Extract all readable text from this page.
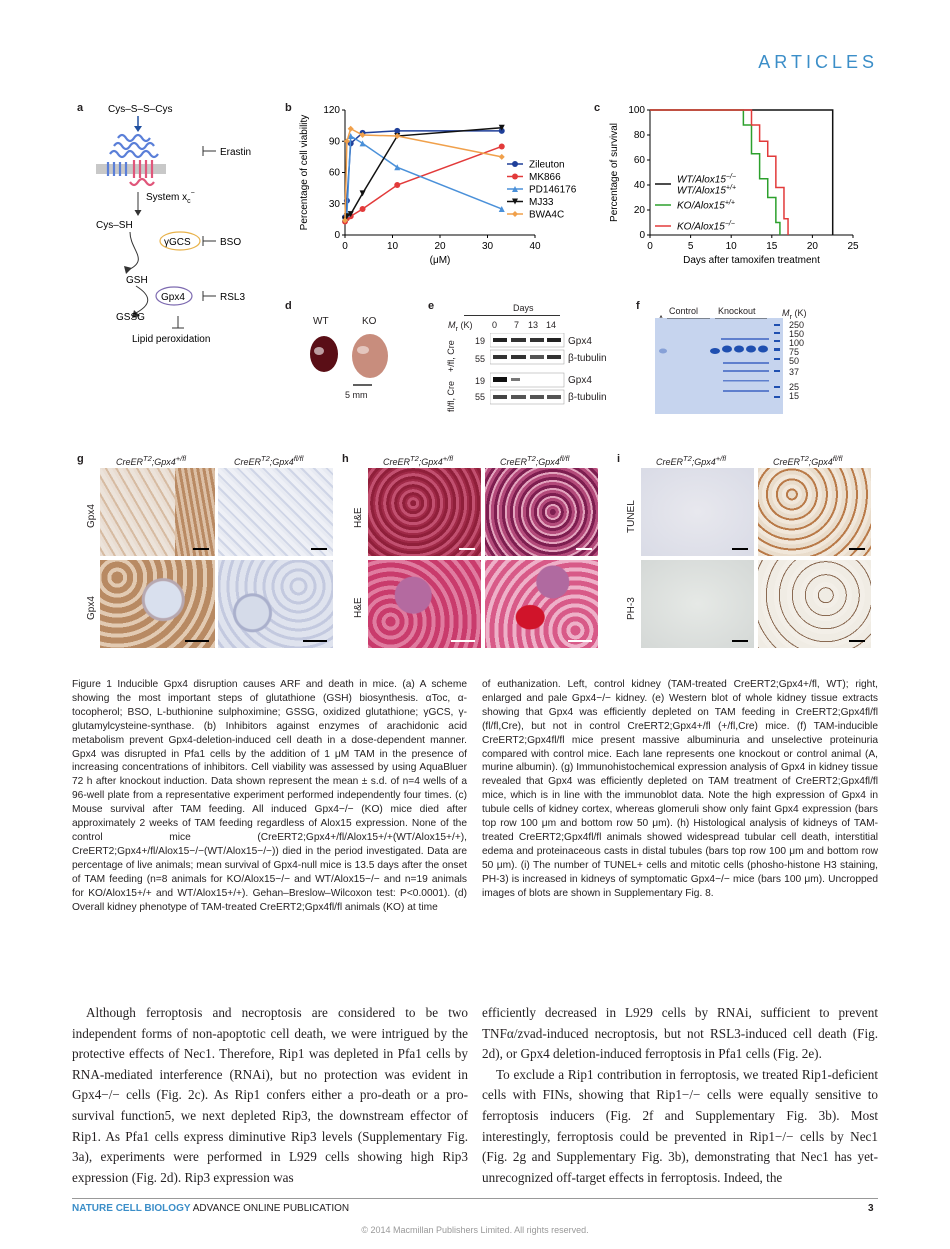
ARTICLES
a Cys–S–S–Cys
System $x_c^-$
Cys–SH
Erastin
γGCS	BSO
GSH
Gpx4	RSL3
GSSG
Lipid peroxidation
b
0
30
60
90
120
0	10	20	30	40
Percentage of cell viability
(μM)
Zileuton
MK866
PD146176
MJ33
BWA4C
c
0
20
40
60
80
100
0	5	10	15	20	25
Percentage of survival
Days after tamoxifen treatment
WT/Alox15−/−
WT/Alox15+/+
KO/Alox15+/+
KO/Alox15−/−
d
WT	KO
5 mm
e	Days
$M_r$ (K) 0 7 13 14
19
55
19
55
Gpx4
β-tubulin
Gpx4
β-tubulin
+/fl, Cre
fl/fl, Cre
f	Control Knockout	$M_r$ (K)
250
150
100
75
50
37
25
15
g	$CreER^{T2};Gpx4^{+/fl}$	$CreER^{T2};Gpx4^{fl/fl}$
Gpx4
Gpx4
h	$CreER^{T2};Gpx4^{+/fl}$	$CreER^{T2};Gpx4^{fl/fl}$
H&E
H&E
i	$CreER^{T2};Gpx4^{+/fl}$	$CreER^{T2};Gpx4^{fl/fl}$
TUNEL
PH-3
Figure 1 Inducible Gpx4 disruption causes ARF and death in mice. (a) A scheme showing the most important steps of glutathione (GSH) biosynthesis. αToc, α-tocopherol; BSO, L-buthionine sulphoximine; GSSG, oxidized glutathione; γGCS, γ-glutamylcysteine-synthase. (b) Inhibitors against enzymes of arachidonic acid metabolism prevent Gpx4-deletion-induced cell death in a dose-dependent manner. Gpx4 was disrupted in Pfa1 cells by the addition of 1 μM TAM in the presence of increasing concentrations of inhibitors. Cell viability was assessed by using AquaBluer 72 h after knockout induction. Data shown represent the mean ± s.d. of n=4 wells of a 96-well plate from a representative experiment performed independently four times. (c) Mouse survival after TAM feeding. All induced Gpx4−/− (KO) mice died after approximately 2 weeks of TAM feeding regardless of Alox15 expression. None of the control mice (CreERT2;Gpx4+/fl/Alox15+/+(WT/Alox15+/+), CreERT2;Gpx4+/fl/Alox15−/−(WT/Alox15−/−)) died in the period investigated. Data are percentage of live animals; mean survival of Gpx4-null mice is 13.5 days after the onset of TAM feeding (n=8 animals for KO/Alox15−/− and WT/Alox15−/− and n=19 animals for KO/Alox15+/+ and WT/Alox15+/+). Gehan–Breslow–Wilcoxon test: P<0.0001). (d) Overall kidney phenotype of TAM-treated CreERT2;Gpx4fl/fl animals (KO) at time
of euthanization. Left, control kidney (TAM-treated CreERT2;Gpx4+/fl, WT); right, enlarged and pale Gpx4−/− kidney. (e) Western blot of whole kidney tissue extracts showing that Gpx4 was efficiently depleted on TAM feeding in CreERT2;Gpx4fl/fl (fl/fl,Cre), but not in control CreERT2;Gpx4+/fl (+/fl,Cre) mice. (f) TAM-inducible CreERT2;Gpx4fl/fl mice present massive albuminuria and unselective proteinuria compared with control mice. Each lane represents one knockout or control animal (A, murine albumin). (g) Immunohistochemical expression analysis of Gpx4 in kidney tissue revealed that Gpx4 was efficiently depleted on TAM treatment of CreERT2;Gpx4fl/fl mice, which is in line with the immunoblot data. Note the high expression of Gpx4 in tubule cells of kidney cortex, whereas glomeruli show only faint Gpx4 expression (bars top row 100 μm and bottom row 50 μm). (h) Histological analysis of kidneys of TAM-treated CreERT2;Gpx4fl/fl animals showed widespread tubular cell death, interstitial edema and proteinaceous casts in distal tubules (bars top row 100 μm and bottom row 50 μm). (i) The number of TUNEL+ cells and mitotic cells (phosho-histone H3 staining, PH-3) is increased in kidneys of symptomatic Gpx4−/− mice (bars 100 μm). Uncropped images of blots are shown in Supplementary Fig. 8.

Although ferroptosis and necroptosis are considered to be two independent forms of non-apoptotic cell death, we were intrigued by the protective effects of Nec1. Therefore, Rip1 was depleted in Pfa1 cells by RNA-mediated interference (RNAi), but no protection was evident in Gpx4−/− cells (Fig. 2c). As Rip1 confers either a pro-death or a pro-survival function5, we next depleted Rip3, the downstream effector of Rip1. As Pfa1 cells express diminutive Rip3 levels (Supplementary Fig. 3a), experiments were performed in L929 cells showing high Rip3 expression (Fig. 2d). Rip3 expression was

efficiently decreased in L929 cells by RNAi, sufficient to prevent TNFα/zvad-induced necroptosis, but not RSL3-induced cell death (Fig. 2d), or Gpx4 deletion-induced ferroptosis in Pfa1 cells (Fig. 2e).

To exclude a Rip1 contribution in ferroptosis, we treated Rip1-deficient cells with FINs, showing that Rip1−/− cells were equally sensitive to ferroptosis inducers (Fig. 2f and Supplementary Fig. 3b). Most interestingly, ferroptosis could be prevented in Rip1−/− cells by Nec1 (Fig. 2g and Supplementary Fig. 3b), demonstrating that Nec1 has yet-unrecognized off-target effects in ferroptosis. Indeed, the

NATURE CELL BIOLOGY ADVANCE ONLINE PUBLICATION	3
© 2014 Macmillan Publishers Limited. All rights reserved.
